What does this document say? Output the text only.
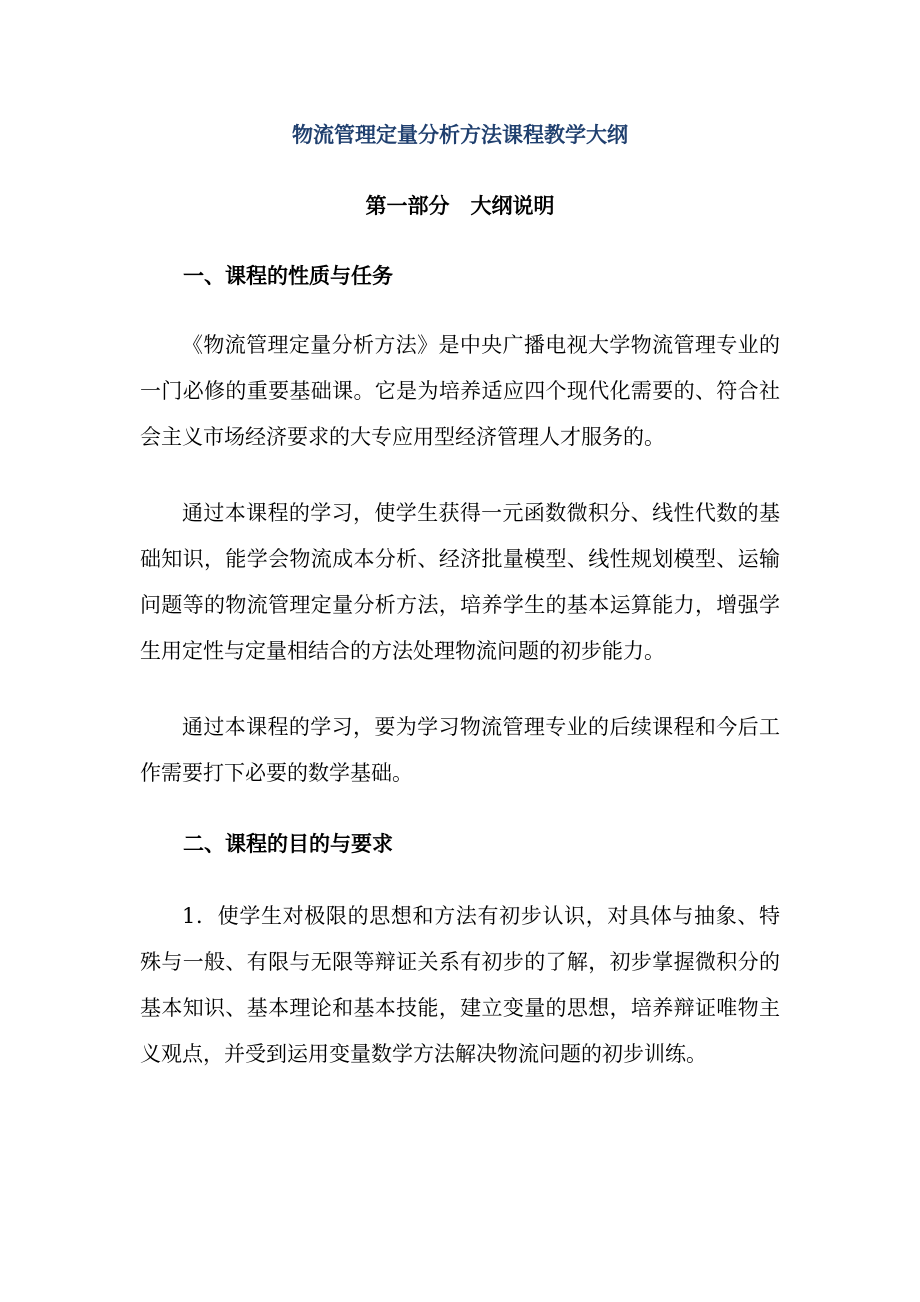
物流管理定量分析方法课程教学大纲
第一部分　大纲说明
一、课程的性质与任务
《物流管理定量分析方法》是中央广播电视大学物流管理专业的一门必修的重要基础课。它是为培养适应四个现代化需要的、符合社会主义市场经济要求的大专应用型经济管理人才服务的。
通过本课程的学习，使学生获得一元函数微积分、线性代数的基础知识，能学会物流成本分析、经济批量模型、线性规划模型、运输问题等的物流管理定量分析方法，培养学生的基本运算能力，增强学生用定性与定量相结合的方法处理物流问题的初步能力。
通过本课程的学习，要为学习物流管理专业的后续课程和今后工作需要打下必要的数学基础。
二、课程的目的与要求
1．使学生对极限的思想和方法有初步认识，对具体与抽象、特殊与一般、有限与无限等辩证关系有初步的了解，初步掌握微积分的基本知识、基本理论和基本技能，建立变量的思想，培养辩证唯物主义观点，并受到运用变量数学方法解决物流问题的初步训练。
